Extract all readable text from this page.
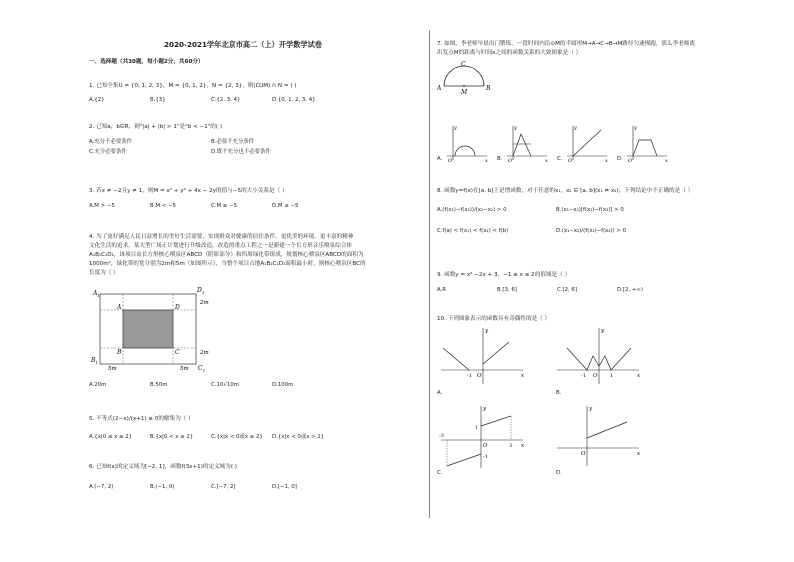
2020-2021学年北京市高二（上）开学数学试卷
一、选择题（共30题，每小题2分，共60分）
1. 已知全集U = {0, 1, 2, 3}，M = {0, 1, 2}，N = {2, 3}，则(∁UM) ∩ N = ( )
A.{2}	B.{3}	C.{2, 3, 4}	D.{0, 1, 2, 3, 4}
2. 已知a，b∈R，则"|a| + |b| > 1"是"b < −1"的( )
A.充分不必要条件	B.必要不充分条件
C.充分必要条件	D.既不充分也不必要条件
3. 若x ≠ −2且y ≠ 1，则M = x² + y² + 4x − 2y的值与−5的大小关系是（ ）
A.M > −5	B.M < −5	C.M ≥ −5	D.M ≤ −5
4. 为了更好满足人民日益增长的美好生活需要，实现群众对健康的居住条件、更优美的环境、更丰富的精神
文化生活的追求，某大型广场正计划进行升级改造，改造的重点工程之一是新建一个长方形音乐喷泉综合体
A₁B₁C₁D₁，该项目由长方形核心喷泉区ABCD（阴影部分）和四周绿化带组成，规划核心喷泉区ABCD的面积为
1000m²，绿化带的宽分别为2m和5m（如图所示），当整个项目占地A₁B₁C₁D₁面积最小时，则核心喷泉区BC的
长度为（ ）
$A_1$
$D_1$
$B_1$
$C_1$
A	D
B	C
2m
2m
5m	5m
A.20m	B.50m	C.10√10m	D.100m
5. 不等式(2−x)/(x+1) ≥ 0的解集为（ ）
A.{x|0 ≤ x ≤ 2}	B.{x|0 < x ≤ 2}	C.{x|x < 0或x ≥ 2} D.{x|x < 0或x > 2}
6. 已知f(x)的定义域为[−2, 1]，函数f(3x+1)的定义域为( )
A.(−7, 2)	B.(−1, 0)	C.[−7, 2]	D.[−1, 0]
7. 如图，李老师早晨出门锻炼，一段时间内沿⊙M的半圆形M→A→C→B→M路径匀速慢跑，那么李老师离
出发点M的距离与时间x之间的函数关系的大致图象是（ ）
C
A	B
M
y
x
O
y
x
O
y
x
O
y
x
O
A.	B.	C.	D.
8. 函数y=f(x)在[a, b]上是增函数，对于任意的x₁，x₂ ∈ [a, b](x₁ ≠ x₂)，下列结论中不正确的是（ ）
A.(f(x₁)−f(x₂))/(x₁−x₂) > 0	B.(x₁−x₂)[f(x₁)−f(x₂)] > 0
C.f(a) < f(x₁) < f(x₂) < f(b)	D.(x₁−x₂)/(f(x₁)−f(x₂)) > 0
9. 函数y = x² −2x + 3，−1 ≤ x ≤ 2的值域是（ ）
A.R	B.[3, 6]	C.[2, 6]	D.[2, +∞)
10. 下列图象表示的函数具有奇偶性的是（ ）
y
x
O
-1
y
x
O
-1	1
A.	B.
y
x
O
-3
3
1
-1
y
x
O
C.	D.
